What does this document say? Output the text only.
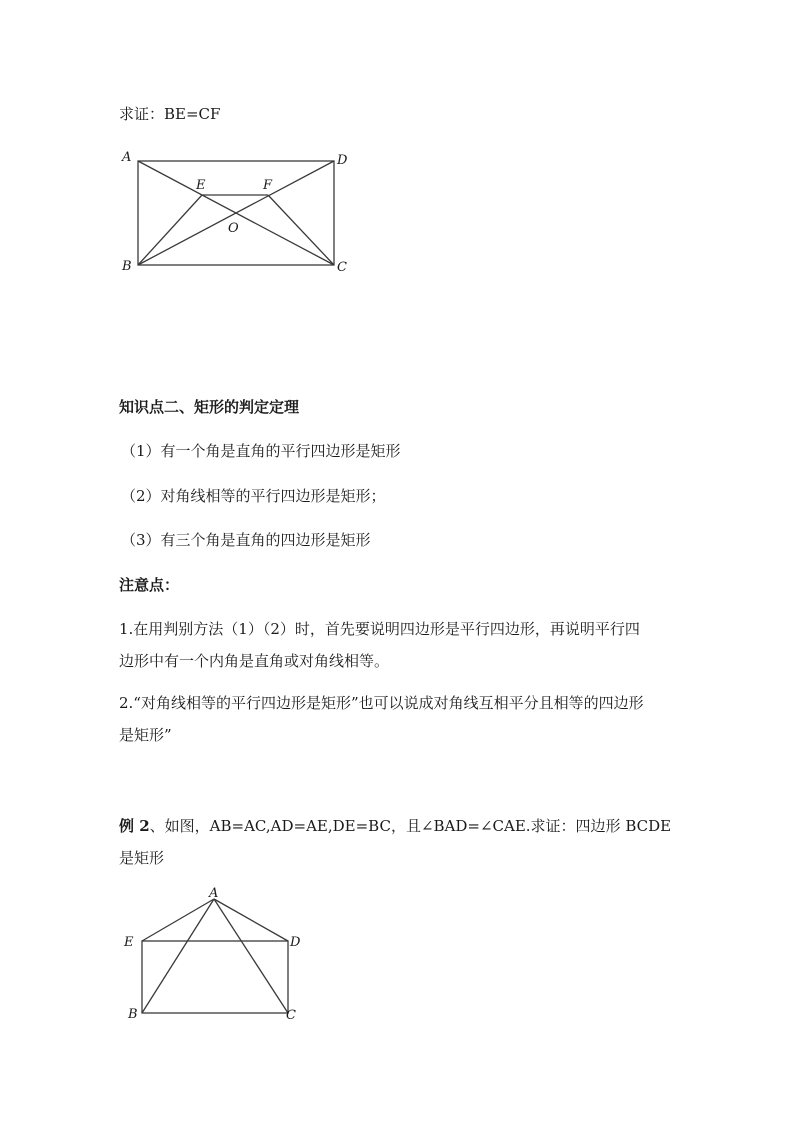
求证：BE=CF
A	D
E	F
O
B	C
知识点二、矩形的判定定理
（1）有一个角是直角的平行四边形是矩形
（2）对角线相等的平行四边形是矩形；
（3）有三个角是直角的四边形是矩形
注意点：
1.在用判别方法（1）（2）时，首先要说明四边形是平行四边形，再说明平行四
边形中有一个内角是直角或对角线相等。
2.“对角线相等的平行四边形是矩形”也可以说成对角线互相平分且相等的四边形
是矩形”
例 2、如图，AB=AC,AD=AE,DE=BC，且∠BAD=∠CAE.求证：四边形 BCDE
是矩形
A
E	D
B	C
